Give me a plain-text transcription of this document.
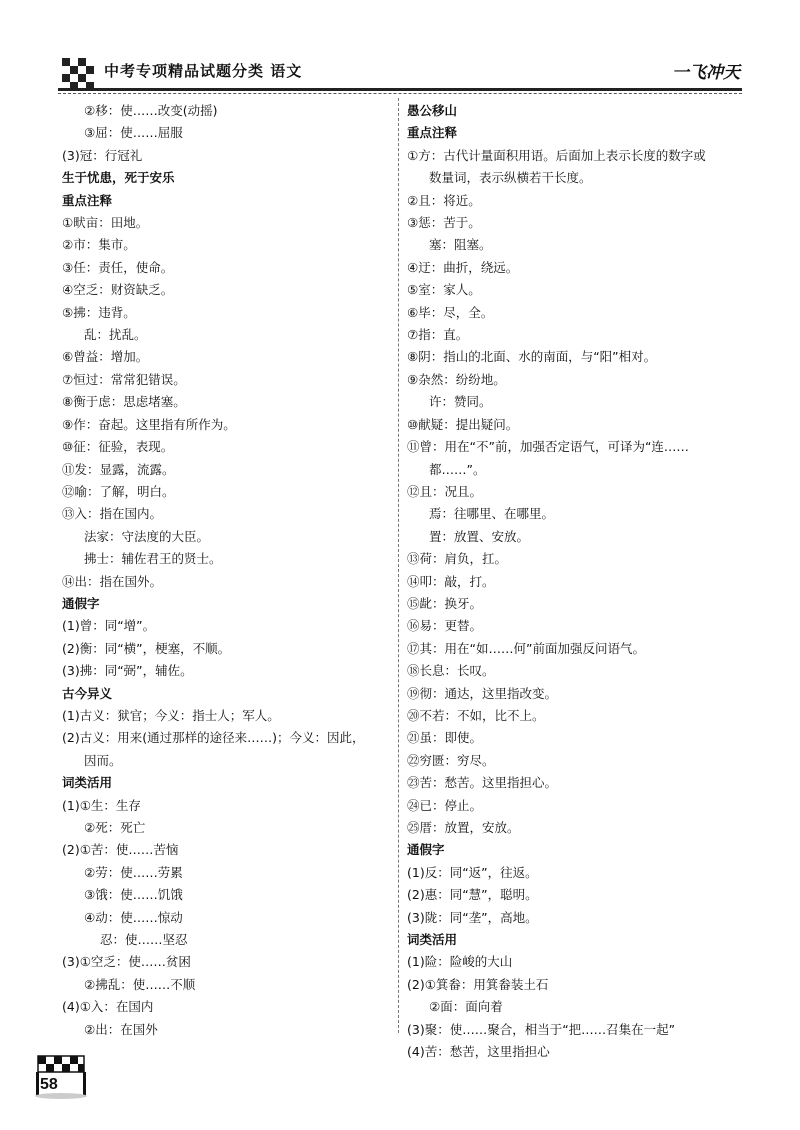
中考专项精品试题分类 语文	一飞冲天
②移：使……改变(动摇)
③屈：使……屈服
(3)冠：行冠礼
生于忧患，死于安乐
重点注释
①畎亩：田地。
②市：集市。
③任：责任，使命。
④空乏：财资缺乏。
⑤拂：违背。
乱：扰乱。
⑥曾益：增加。
⑦恒过：常常犯错误。
⑧衡于虑：思虑堵塞。
⑨作：奋起。这里指有所作为。
⑩征：征验，表现。
⑪发：显露，流露。
⑫喻：了解，明白。
⑬入：指在国内。
法家：守法度的大臣。
拂士：辅佐君王的贤士。
⑭出：指在国外。
通假字
(1)曾：同“增”。
(2)衡：同“横”，梗塞，不顺。
(3)拂：同“弼”，辅佐。
古今异义
(1)古义：狱官；今义：指士人；军人。
(2)古义：用来(通过那样的途径来……)；今义：因此，
因而。
词类活用
(1)①生：生存
②死：死亡
(2)①苦：使……苦恼
②劳：使……劳累
③饿：使……饥饿
④动：使……惊动
忍：使……坚忍
(3)①空乏：使……贫困
②拂乱：使……不顺
(4)①入：在国内
②出：在国外
愚公移山
重点注释
①方：古代计量面积用语。后面加上表示长度的数字或
数量词，表示纵横若干长度。
②且：将近。
③惩：苦于。
塞：阻塞。
④迂：曲折，绕远。
⑤室：家人。
⑥毕：尽，全。
⑦指：直。
⑧阴：指山的北面、水的南面，与“阳”相对。
⑨杂然：纷纷地。
许：赞同。
⑩献疑：提出疑问。
⑪曾：用在“不”前，加强否定语气，可译为“连……
都……”。
⑫且：况且。
焉：往哪里、在哪里。
置：放置、安放。
⑬荷：肩负，扛。
⑭叩：敲，打。
⑮龀：换牙。
⑯易：更替。
⑰其：用在“如……何”前面加强反问语气。
⑱长息：长叹。
⑲彻：通达，这里指改变。
⑳不若：不如，比不上。
㉑虽：即使。
㉒穷匮：穷尽。
㉓苦：愁苦。这里指担心。
㉔已：停止。
㉕厝：放置，安放。
通假字
(1)反：同“返”，往返。
(2)惠：同“慧”，聪明。
(3)陇：同“垄”，高地。
词类活用
(1)险：险峻的大山
(2)①箕畚：用箕畚装土石
②面：面向着
(3)聚：使……聚合，相当于“把……召集在一起”
(4)苦：愁苦，这里指担心
58
